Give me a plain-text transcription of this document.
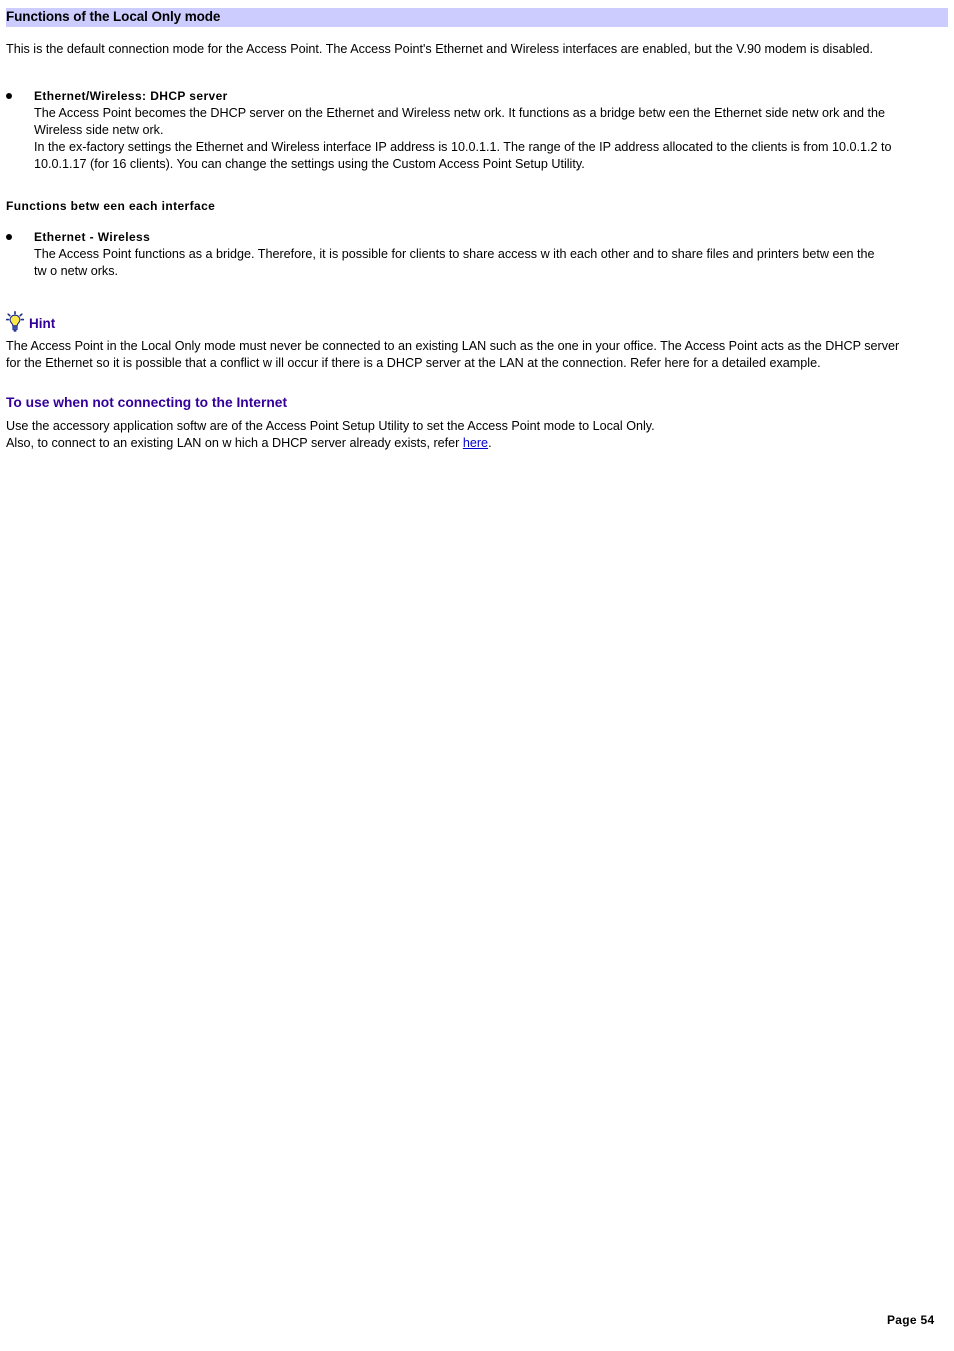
Functions of the Local Only mode

This is the default connection mode for the Access Point. The Access Point's Ethernet and Wireless interfaces are enabled, but the V.90 modem is disabled.

Ethernet/Wireless: DHCP server
The Access Point becomes the DHCP server on the Ethernet and Wireless netw ork. It functions as a bridge betw een the Ethernet side netw ork and the
Wireless side netw ork.
In the ex-factory settings the Ethernet and Wireless interface IP address is 10.0.1.1. The range of the IP address allocated to the clients is from 10.0.1.2 to
10.0.1.17 (for 16 clients). You can change the settings using the Custom Access Point Setup Utility.
Functions betw een each interface
Ethernet - Wireless
The Access Point functions as a bridge. Therefore, it is possible for clients to share access w ith each other and to share files and printers betw een the
tw o netw orks.
Hint
The Access Point in the Local Only mode must never be connected to an existing LAN such as the one in your office. The Access Point acts as the DHCP server
for the Ethernet so it is possible that a conflict w ill occur if there is a DHCP server at the LAN at the connection. Refer here for a detailed example.
To use when not connecting to the Internet
Use the accessory application softw are of the Access Point Setup Utility to set the Access Point mode to Local Only.
Also, to connect to an existing LAN on w hich a DHCP server already exists, refer here.
Page 54
